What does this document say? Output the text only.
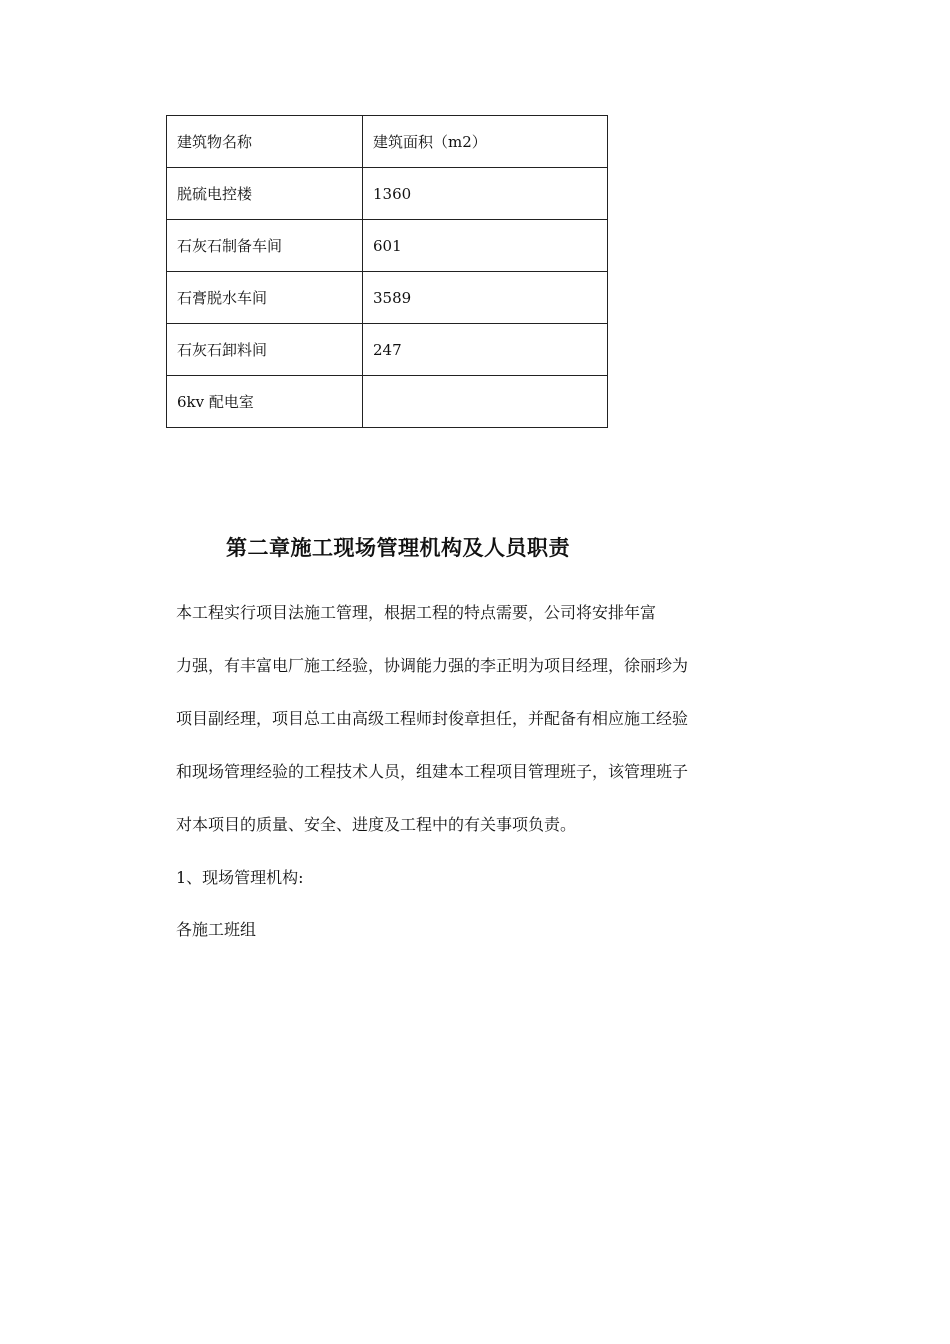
建筑物名称	建筑面积（m2）
脱硫电控楼	1360
石灰石制备车间	601
石膏脱水车间	3589
石灰石卸料间	247
6kv 配电室	
第二章施工现场管理机构及人员职责

本工程实行项目法施工管理，根据工程的特点需要，公司将安排年富

力强，有丰富电厂施工经验，协调能力强的李正明为项目经理，徐丽珍为

项目副经理，项目总工由高级工程师封俊章担任，并配备有相应施工经验

和现场管理经验的工程技术人员，组建本工程项目管理班子，该管理班子

对本项目的质量、安全、进度及工程中的有关事项负责。

1、现场管理机构:

各施工班组
